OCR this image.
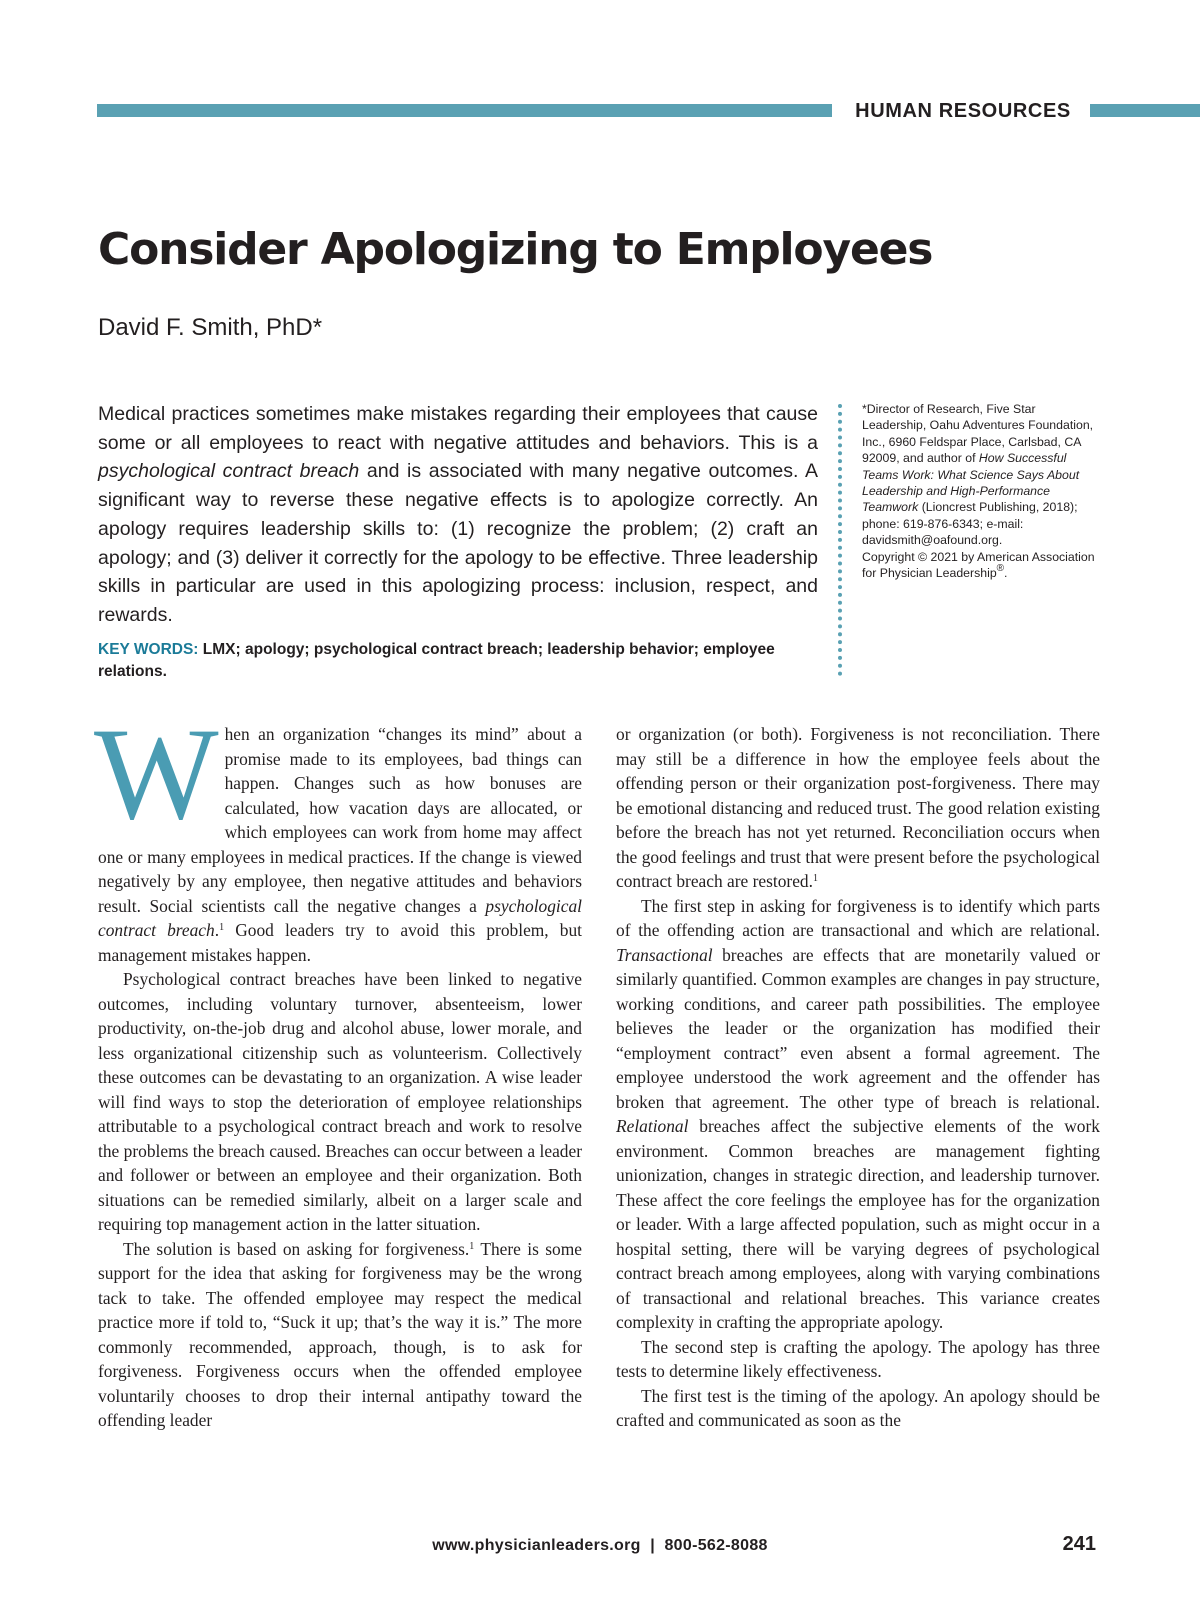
HUMAN RESOURCES
Consider Apologizing to Employees
David F. Smith, PhD*

Medical practices sometimes make mistakes regarding their employees that cause some or all employees to react with negative attitudes and behaviors. This is a psychological contract breach and is associated with many negative outcomes. A significant way to reverse these negative effects is to apologize correctly. An apology requires leadership skills to: (1) recognize the problem; (2) craft an apology; and (3) deliver it correctly for the apology to be effective. Three leadership skills in particular are used in this apologizing process: inclusion, respect, and rewards.

KEY WORDS: LMX; apology; psychological contract breach; leadership behavior; employee relations.

*Director of Research, Five Star Leadership, Oahu Adventures Foundation, Inc., 6960 Feldspar Place, Carlsbad, CA 92009, and author of How Successful Teams Work: What Science Says About Leadership and High-Performance Teamwork (Lioncrest Publishing, 2018); phone: 619-876-6343; e-mail: davidsmith@oafound.org.
Copyright © 2021 by American Association for Physician Leadership®.

When an organization “changes its mind” about a promise made to its employees, bad things can happen. Changes such as how bonuses are calculated, how vacation days are allocated, or which employees can work from home may affect one or many employees in medical practices. If the change is viewed negatively by any employee, then negative attitudes and behaviors result. Social scientists call the negative changes a psychological contract breach.$^1$ Good leaders try to avoid this problem, but management mistakes happen.

Psychological contract breaches have been linked to negative outcomes, including voluntary turnover, absenteeism, lower productivity, on-the-job drug and alcohol abuse, lower morale, and less organizational citizenship such as volunteerism. Collectively these outcomes can be devastating to an organization. A wise leader will find ways to stop the deterioration of employee relationships attributable to a psychological contract breach and work to resolve the problems the breach caused. Breaches can occur between a leader and follower or between an employee and their organization. Both situations can be remedied similarly, albeit on a larger scale and requiring top management action in the latter situation.

The solution is based on asking for forgiveness.$^1$ There is some support for the idea that asking for forgiveness may be the wrong tack to take. The offended employee may respect the medical practice more if told to, “Suck it up; that’s the way it is.” The more commonly recommended, approach, though, is to ask for forgiveness. Forgiveness occurs when the offended employee voluntarily chooses to drop their internal antipathy toward the offending leader

or organization (or both). Forgiveness is not reconciliation. There may still be a difference in how the employee feels about the offending person or their organization post-forgiveness. There may be emotional distancing and reduced trust. The good relation existing before the breach has not yet returned. Reconciliation occurs when the good feelings and trust that were present before the psychological contract breach are restored.$^1$

The first step in asking for forgiveness is to identify which parts of the offending action are transactional and which are relational. Transactional breaches are effects that are monetarily valued or similarly quantified. Common examples are changes in pay structure, working conditions, and career path possibilities. The employee believes the leader or the organization has modified their “employment contract” even absent a formal agreement. The employee understood the work agreement and the offender has broken that agreement. The other type of breach is relational. Relational breaches affect the subjective elements of the work environment. Common breaches are management fighting unionization, changes in strategic direction, and leadership turnover. These affect the core feelings the employee has for the organization or leader. With a large affected population, such as might occur in a hospital setting, there will be varying degrees of psychological contract breach among employees, along with varying combinations of transactional and relational breaches. This variance creates complexity in crafting the appropriate apology.

The second step is crafting the apology. The apology has three tests to determine likely effectiveness.

The first test is the timing of the apology. An apology should be crafted and communicated as soon as the

www.physicianleaders.org  |  800-562-8088	241
